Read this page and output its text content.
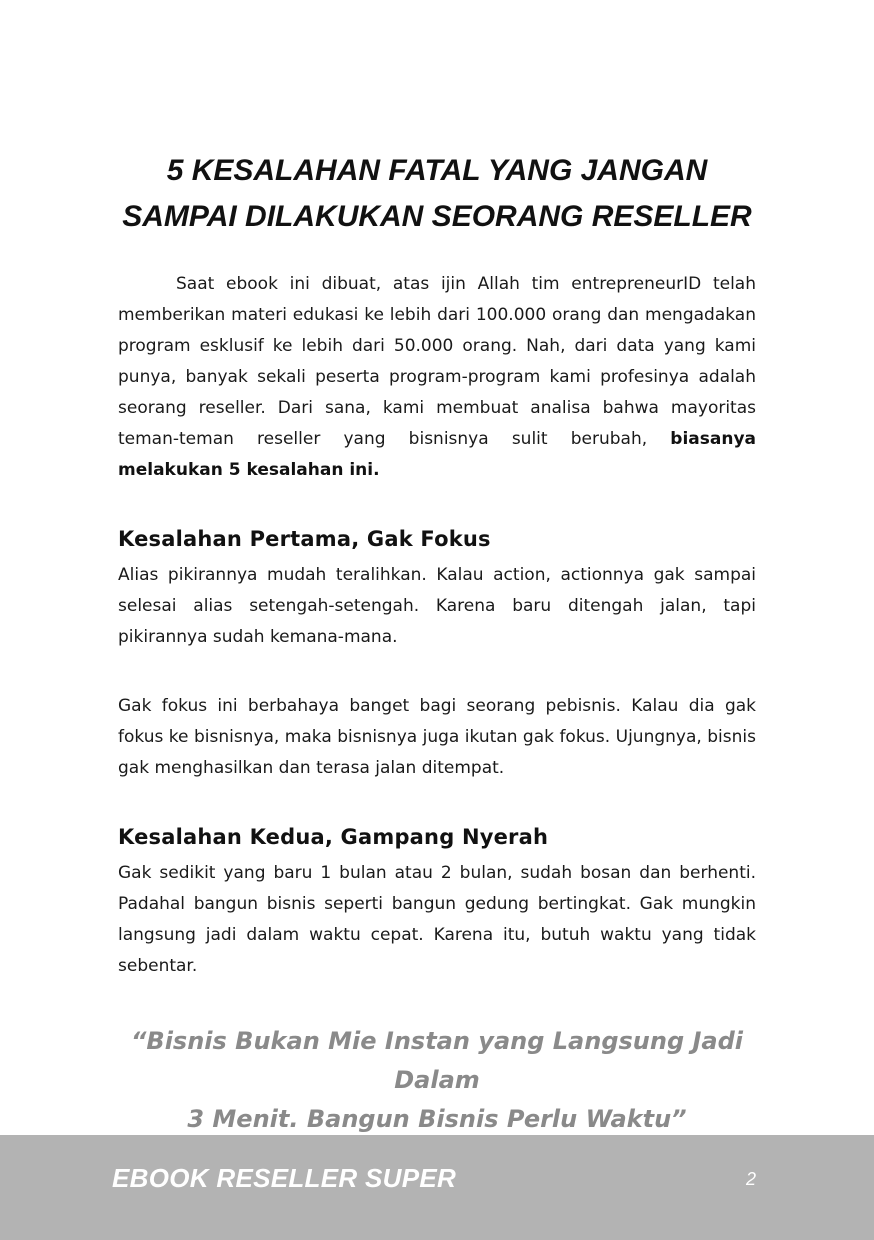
5 KESALAHAN FATAL YANG JANGAN
SAMPAI DILAKUKAN SEORANG RESELLER

Saat ebook ini dibuat, atas ijin Allah tim entrepreneurID telah memberikan materi edukasi ke lebih dari 100.000 orang dan mengadakan program esklusif ke lebih dari 50.000 orang. Nah, dari data yang kami punya, banyak sekali peserta program-program kami profesinya adalah seorang reseller. Dari sana, kami membuat analisa bahwa mayoritas teman-teman reseller yang bisnisnya sulit berubah, biasanya melakukan 5 kesalahan ini.

Kesalahan Pertama, Gak Fokus

Alias pikirannya mudah teralihkan. Kalau action, actionnya gak sampai selesai alias setengah-setengah. Karena baru ditengah jalan, tapi pikirannya sudah kemana-mana.

Gak fokus ini berbahaya banget bagi seorang pebisnis. Kalau dia gak fokus ke bisnisnya, maka bisnisnya juga ikutan gak fokus. Ujungnya, bisnis gak menghasilkan dan terasa jalan ditempat.

Kesalahan Kedua, Gampang Nyerah

Gak sedikit yang baru 1 bulan atau 2 bulan, sudah bosan dan berhenti. Padahal bangun bisnis seperti bangun gedung bertingkat. Gak mungkin langsung jadi dalam waktu cepat. Karena itu, butuh waktu yang tidak sebentar.

“Bisnis Bukan Mie Instan yang Langsung Jadi Dalam
3 Menit. Bangun Bisnis Perlu Waktu”

EBOOK RESELLER SUPER	2
